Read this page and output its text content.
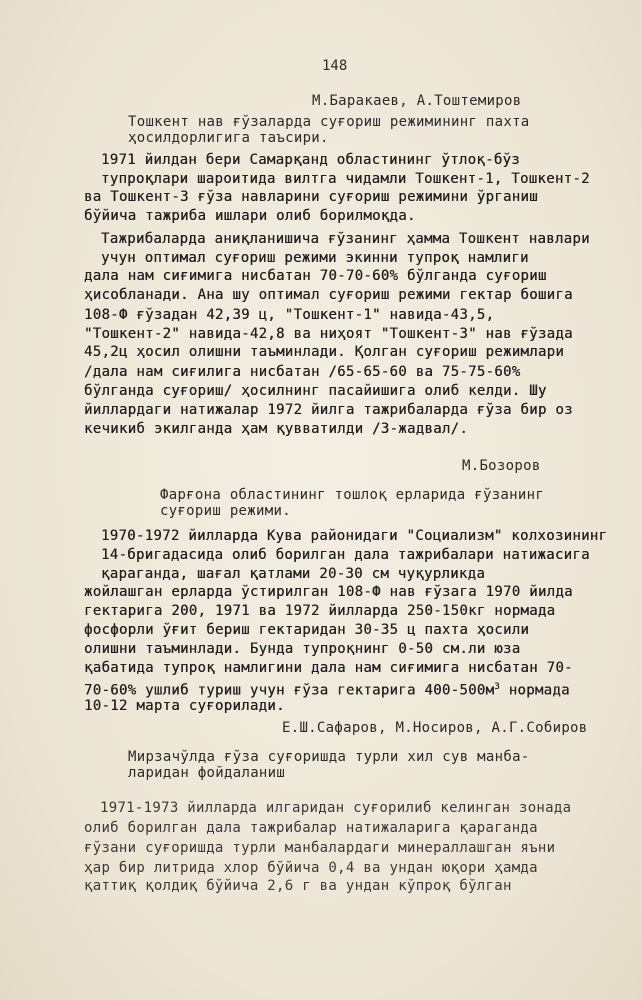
148
М.Баракаев, А.Тоштемиров
Тошкент нав ғўзаларда суғориш режимининг пахта
ҳосилдорлигига таъсири.
1971 йилдан бери Самарқанд областининг ўтлоқ-бўз тупроқлари шароитида вилтга чидамли Тошкент-1, Тошкент-2
ва Тошкент-3 ғўза навларини суғориш режимини ўрганиш
бўйича тажриба ишлари олиб борилмоқда.
Тажрибаларда аниқланишича ғўзанинг ҳамма Тошкент навлари учун оптимал суғориш режими экинни тупроқ намлиги
дала нам сиғимига нисбатан 70-70-60% бўлганда суғориш
ҳисобланади. Ана шу оптимал суғориш режими гектар бошига
108-Ф ғўзадан 42,39 ц, "Тошкент-1" навида-43,5, "Тошкент-2" навида-42,8 ва ниҳоят "Тошкент-3" нав ғўзада
45,2ц ҳосил олишни таъминлади. Қолган суғориш режимлари
/дала нам сиғилига нисбатан /65-65-60 ва 75-75-60% бўлганда суғориш/ ҳосилнинг пасайишига олиб келди. Шу йиллардаги натижалар 1972 йилга тажрибаларда ғўза бир оз
кечикиб экилганда ҳам қувватилди /3-жадвал/.
М.Бозоров
Фарғона областининг тошлоқ ерларида ғўзанинг
суғориш режими.
1970-1972 йилларда Кува районидаги "Социализм" колхозининг 14-бригадасида олиб борилган дала тажрибалари натижасига қараганда, шағал қатлами 20-30 см чуқурликда
жойлашган ерларда ўстирилган 108-Ф нав ғўзага 1970 йилда
гектарига 200, 1971 ва 1972 йилларда 250-150кг нормада
фосфорли ўғит бериш гектаридан 30-35 ц пахта ҳосили
олишни таъминлади. Бунда тупроқнинг 0-50 см.ли юза
қабатида тупроқ намлигини дала нам сиғимига нисбатан 70-
70-60% ушлиб туриш учун ғўза гектарига $400-500м^3$ нормада
10-12 марта суғорилади.
Е.Ш.Сафаров, М.Носиров, А.Г.Собиров
Мирзачўлда ғўза суғоришда турли хил сув манба-
ларидан фойдаланиш
1971-1973 йилларда илгаридан суғорилиб келинган зонада
олиб борилган дала тажрибалар натижаларига қараганда
ғўзани суғоришда турли манбалардаги минераллашган яъни
ҳар бир литрида хлор бўйича 0,4 ва ундан юқори ҳамда
қаттиқ қолдиқ бўйича 2,6 г ва ундан кўпроқ бўлган
